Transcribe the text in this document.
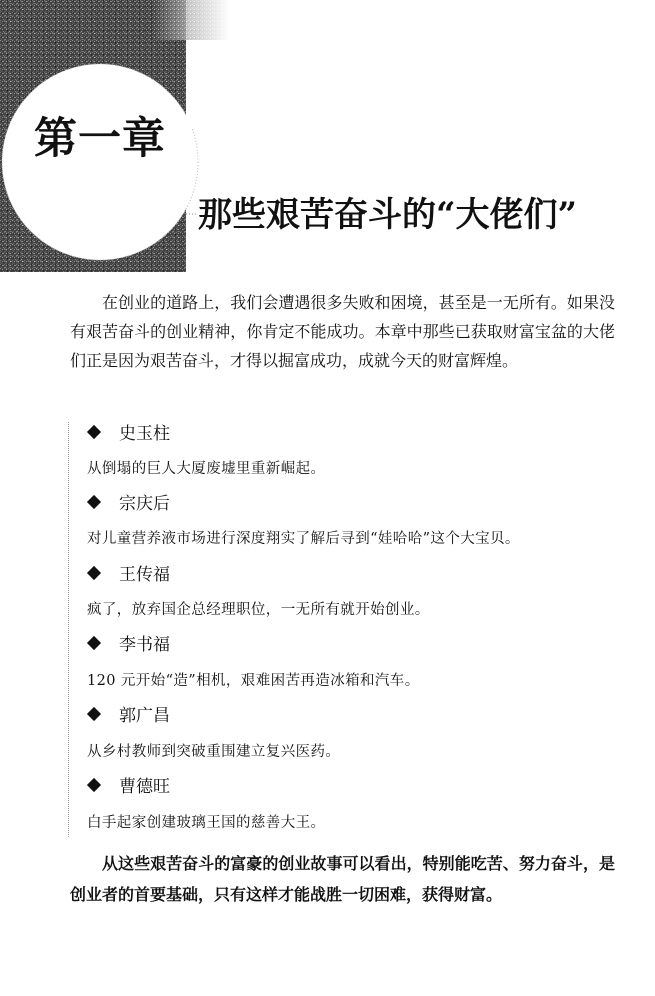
第一章
那些艰苦奋斗的“大佬们”

在创业的道路上，我们会遭遇很多失败和困境，甚至是一无所有。如果没有艰苦奋斗的创业精神，你肯定不能成功。本章中那些已获取财富宝盆的大佬们正是因为艰苦奋斗，才得以掘富成功，成就今天的财富辉煌。

史玉柱
从倒塌的巨人大厦废墟里重新崛起。
宗庆后
对儿童营养液市场进行深度翔实了解后寻到“娃哈哈”这个大宝贝。
王传福
疯了，放弃国企总经理职位，一无所有就开始创业。
李书福
120 元开始“造”相机，艰难困苦再造冰箱和汽车。
郭广昌
从乡村教师到突破重围建立复兴医药。
曹德旺
白手起家创建玻璃王国的慈善大王。

从这些艰苦奋斗的富豪的创业故事可以看出，特别能吃苦、努力奋斗，是创业者的首要基础，只有这样才能战胜一切困难，获得财富。
